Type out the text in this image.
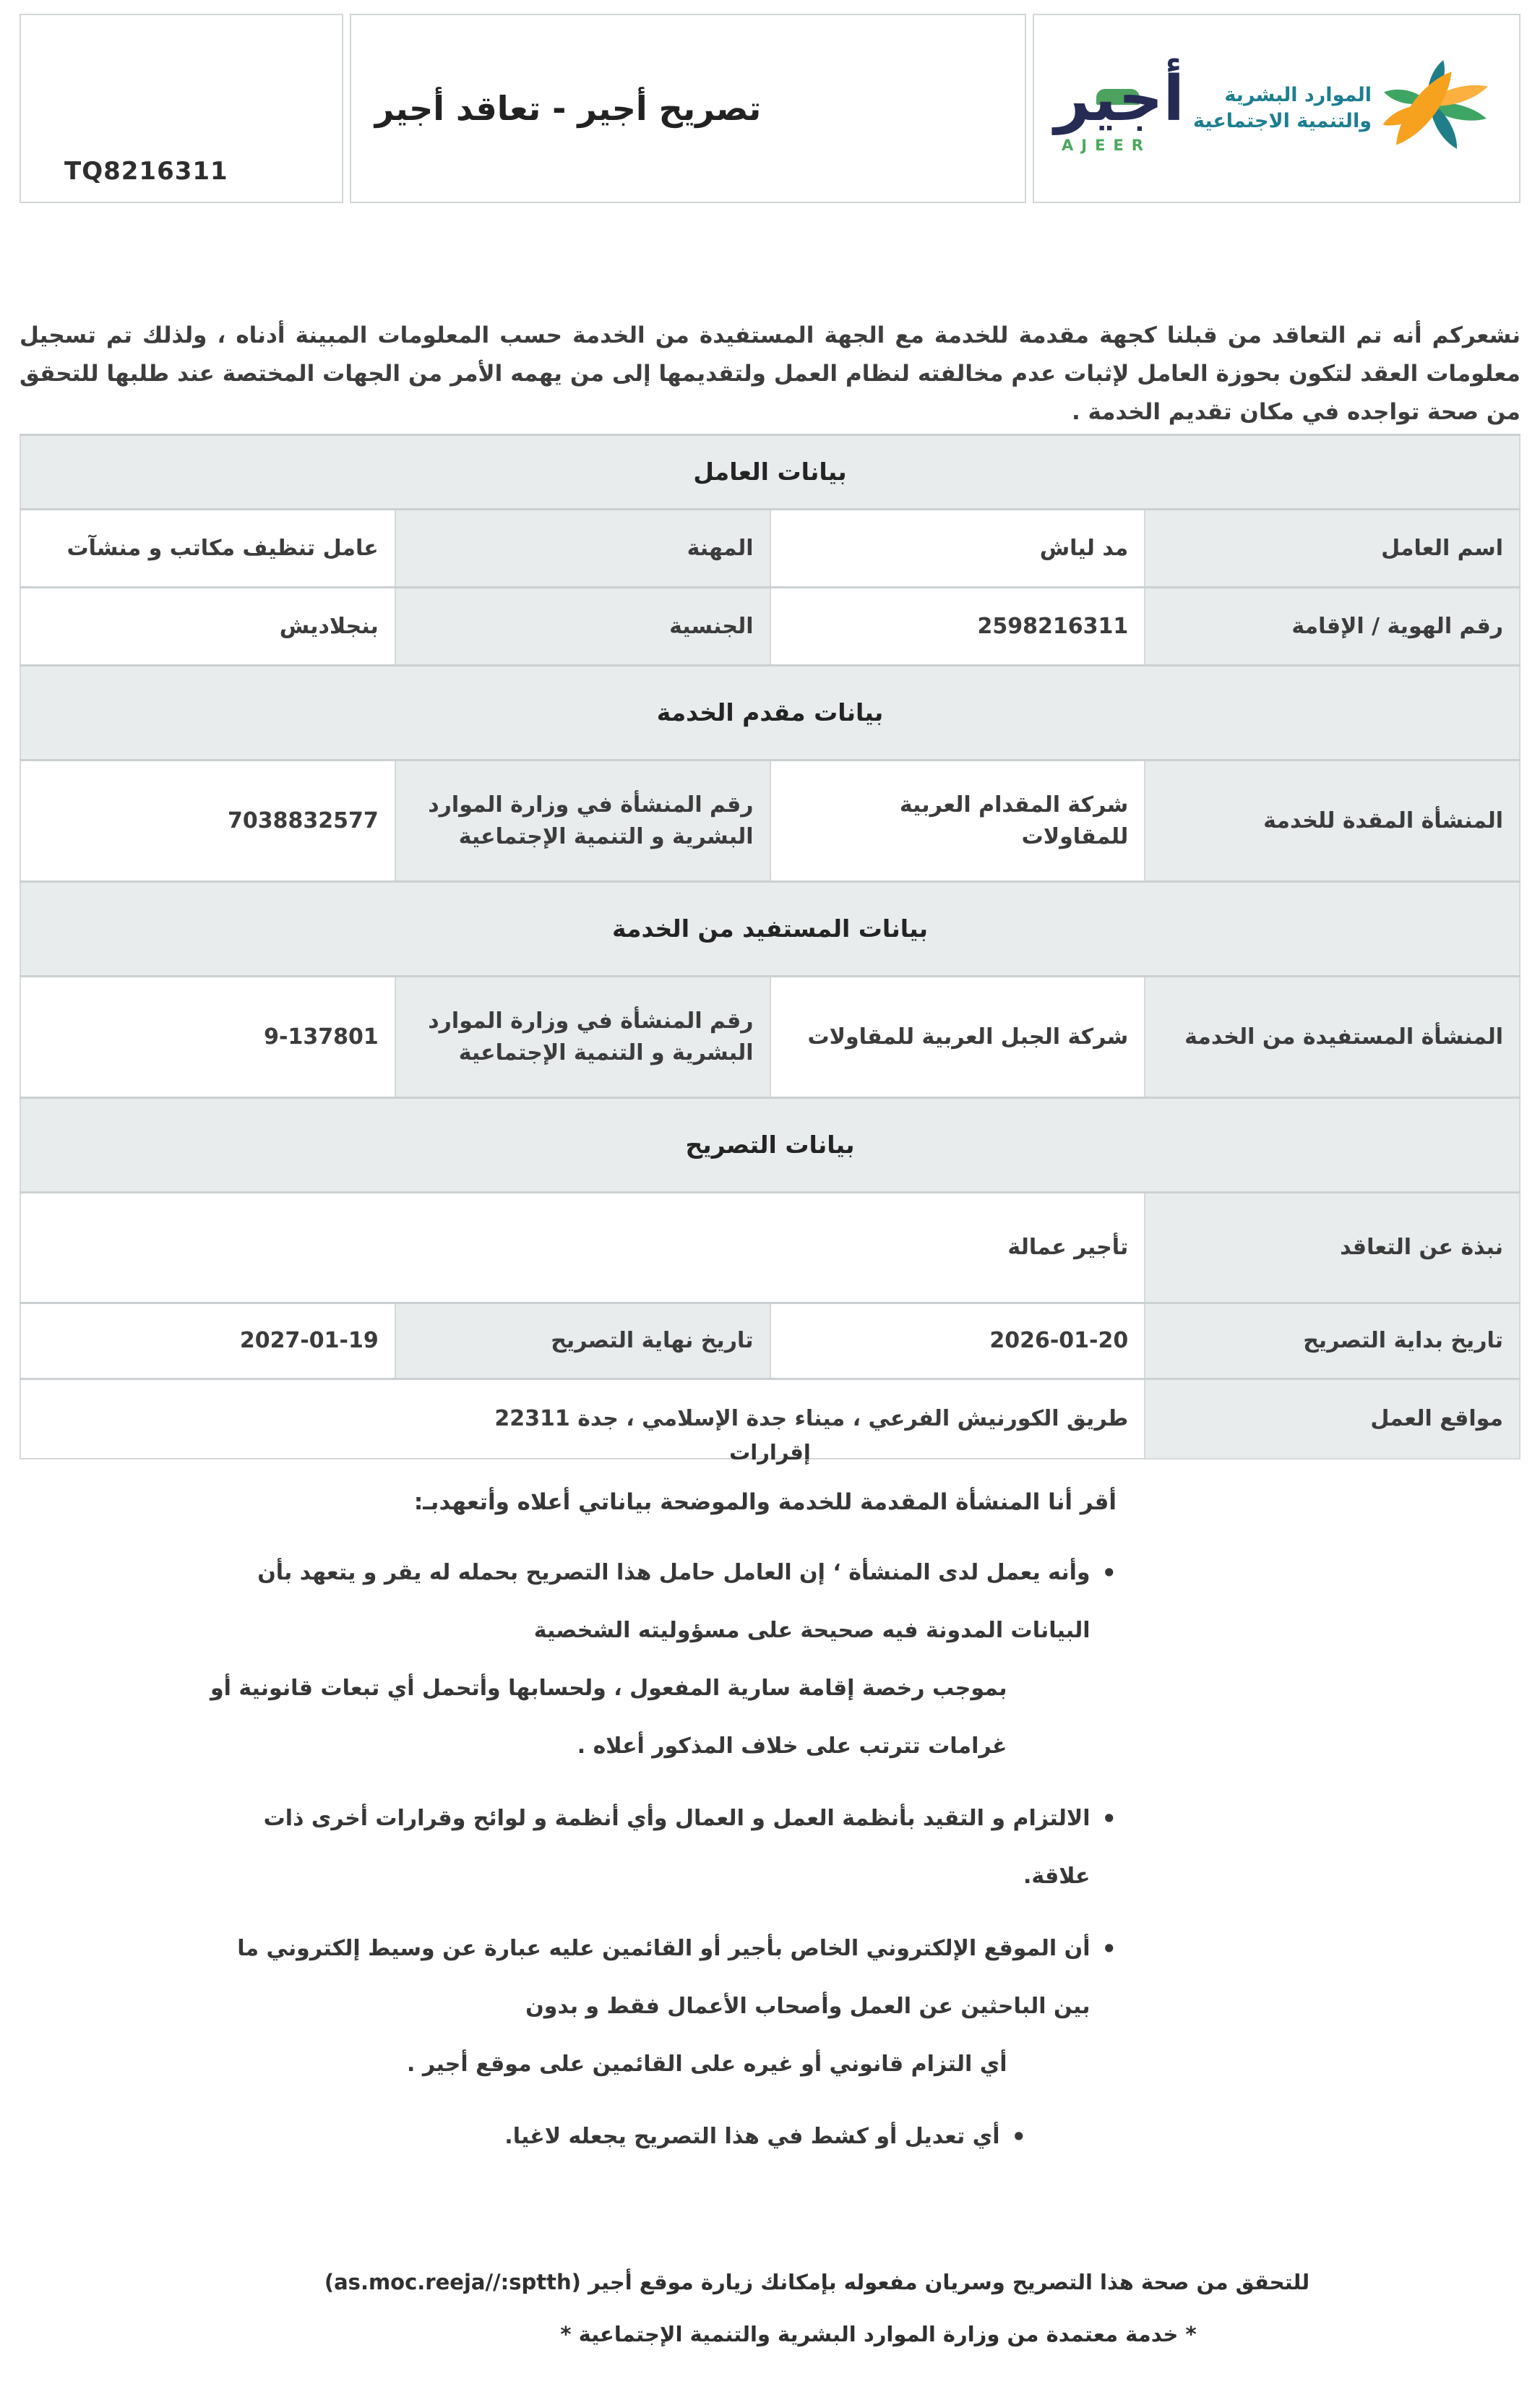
TQ8216311
تصريح أجير - تعاقد أجير	أجير
AJEER
الموارد البشرية
والتنمية الاجتماعية
نشعركم أنه تم التعاقد من قبلنا كجهة مقدمة للخدمة مع الجهة المستفيدة من الخدمة حسب المعلومات المبينة أدناه ، ولذلك تم تسجيل معلومات العقد لتكون بحوزة العامل لإثبات عدم مخالفته لنظام العمل ولتقديمها إلى من يهمه الأمر من الجهات المختصة عند طلبها للتحقق من صحة تواجده في مكان تقديم الخدمة .
بيانات العامل			
اسم العامل	مد لياش	المهنة	عامل تنظيف مكاتب و منشآت
رقم الهوية / الإقامة	2598216311	الجنسية	بنجلاديش
بيانات مقدم الخدمة			
المنشأة المقدة للخدمة	شركة المقدام العربية للمقاولات	رقم المنشأة في وزارة الموارد البشرية و التنمية الإجتماعية	7038832577
بيانات المستفيد من الخدمة			
المنشأة المستفيدة من الخدمة	شركة الجبل العربية للمقاولات	رقم المنشأة في وزارة الموارد البشرية و التنمية الإجتماعية	9-137801
بيانات التصريح			
نبذة عن التعاقد	تأجير عمالة		
تاريخ بداية التصريح	2026-01-20	تاريخ نهاية التصريح	2027-01-19
مواقع العمل	طريق الكورنيش الفرعي ، ميناء جدة الإسلامي ، جدة 22311		
إقرارات
أقر أنا المنشأة المقدمة للخدمة والموضحة بياناتي أعلاه وأتعهدبـ:
•
وأنه يعمل لدى المنشأة ‘ إن العامل حامل هذا التصريح بحمله له يقر و يتعهد بأن البيانات المدونة فيه صحيحة على مسؤوليته الشخصية
بموجب رخصة إقامة سارية المفعول ، ولحسابها وأتحمل أي تبعات قانونية أو غرامات تترتب على خلاف المذكور أعلاه .
•
الالتزام و التقيد بأنظمة العمل و العمال وأي أنظمة و لوائح وقرارات أخرى ذات علاقة.
•
أن الموقع الإلكتروني الخاص بأجير أو القائمين عليه عبارة عن وسيط إلكتروني ما بين الباحثين عن العمل وأصحاب الأعمال فقط و بدون
أي التزام قانوني أو غيره على القائمين على موقع أجير .
•
أي تعديل أو كشط في هذا التصريح يجعله لاغيا.
للتحقق من صحة هذا التصريح وسريان مفعوله بإمكانك زيارة موقع أجير (as.moc.reeja//:sptth)
* خدمة معتمدة من وزارة الموارد البشرية والتنمية الإجتماعية *
